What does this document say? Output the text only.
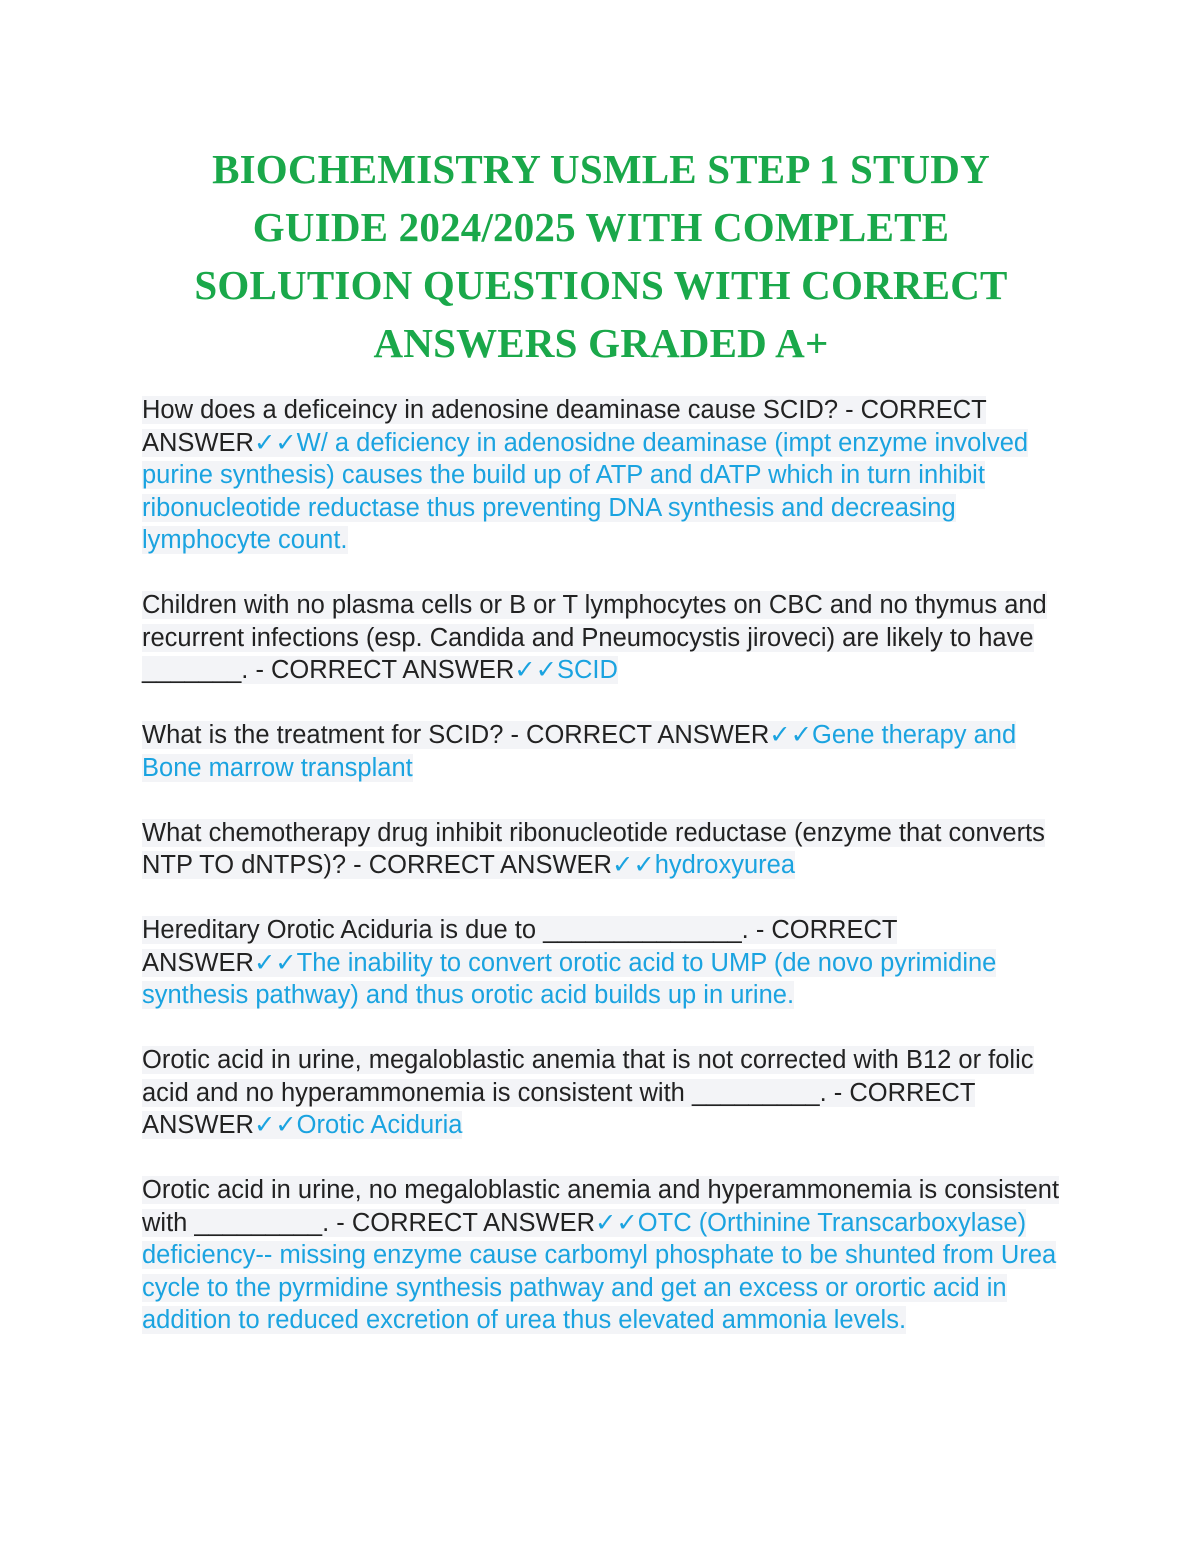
BIOCHEMISTRY USMLE STEP 1 STUDY GUIDE 2024/2025 WITH COMPLETE SOLUTION QUESTIONS WITH CORRECT ANSWERS GRADED A+
How does a deficeincy in adenosine deaminase cause SCID? - CORRECT ANSWER✓✓W/ a deficiency in adenosidne deaminase (impt enzyme involved purine synthesis) causes the build up of ATP and dATP which in turn inhibit ribonucleotide reductase thus preventing DNA synthesis and decreasing lymphocyte count.
Children with no plasma cells or B or T lymphocytes on CBC and no thymus and recurrent infections (esp. Candida and Pneumocystis jiroveci) are likely to have _______. - CORRECT ANSWER✓✓SCID
What is the treatment for SCID? - CORRECT ANSWER✓✓Gene therapy and Bone marrow transplant
What chemotherapy drug inhibit ribonucleotide reductase (enzyme that converts NTP TO dNTPS)? - CORRECT ANSWER✓✓hydroxyurea
Hereditary Orotic Aciduria is due to ______________. - CORRECT ANSWER✓✓The inability to convert orotic acid to UMP (de novo pyrimidine synthesis pathway) and thus orotic acid builds up in urine.
Orotic acid in urine, megaloblastic anemia that is not corrected with B12 or folic acid and no hyperammonemia is consistent with _________. - CORRECT ANSWER✓✓Orotic Aciduria
Orotic acid in urine, no megaloblastic anemia and hyperammonemia is consistent with _________. - CORRECT ANSWER✓✓OTC (Orthinine Transcarboxylase) deficiency-- missing enzyme cause carbomyl phosphate to be shunted from Urea cycle to the pyrmidine synthesis pathway and get an excess or orortic acid in addition to reduced excretion of urea thus elevated ammonia levels.
